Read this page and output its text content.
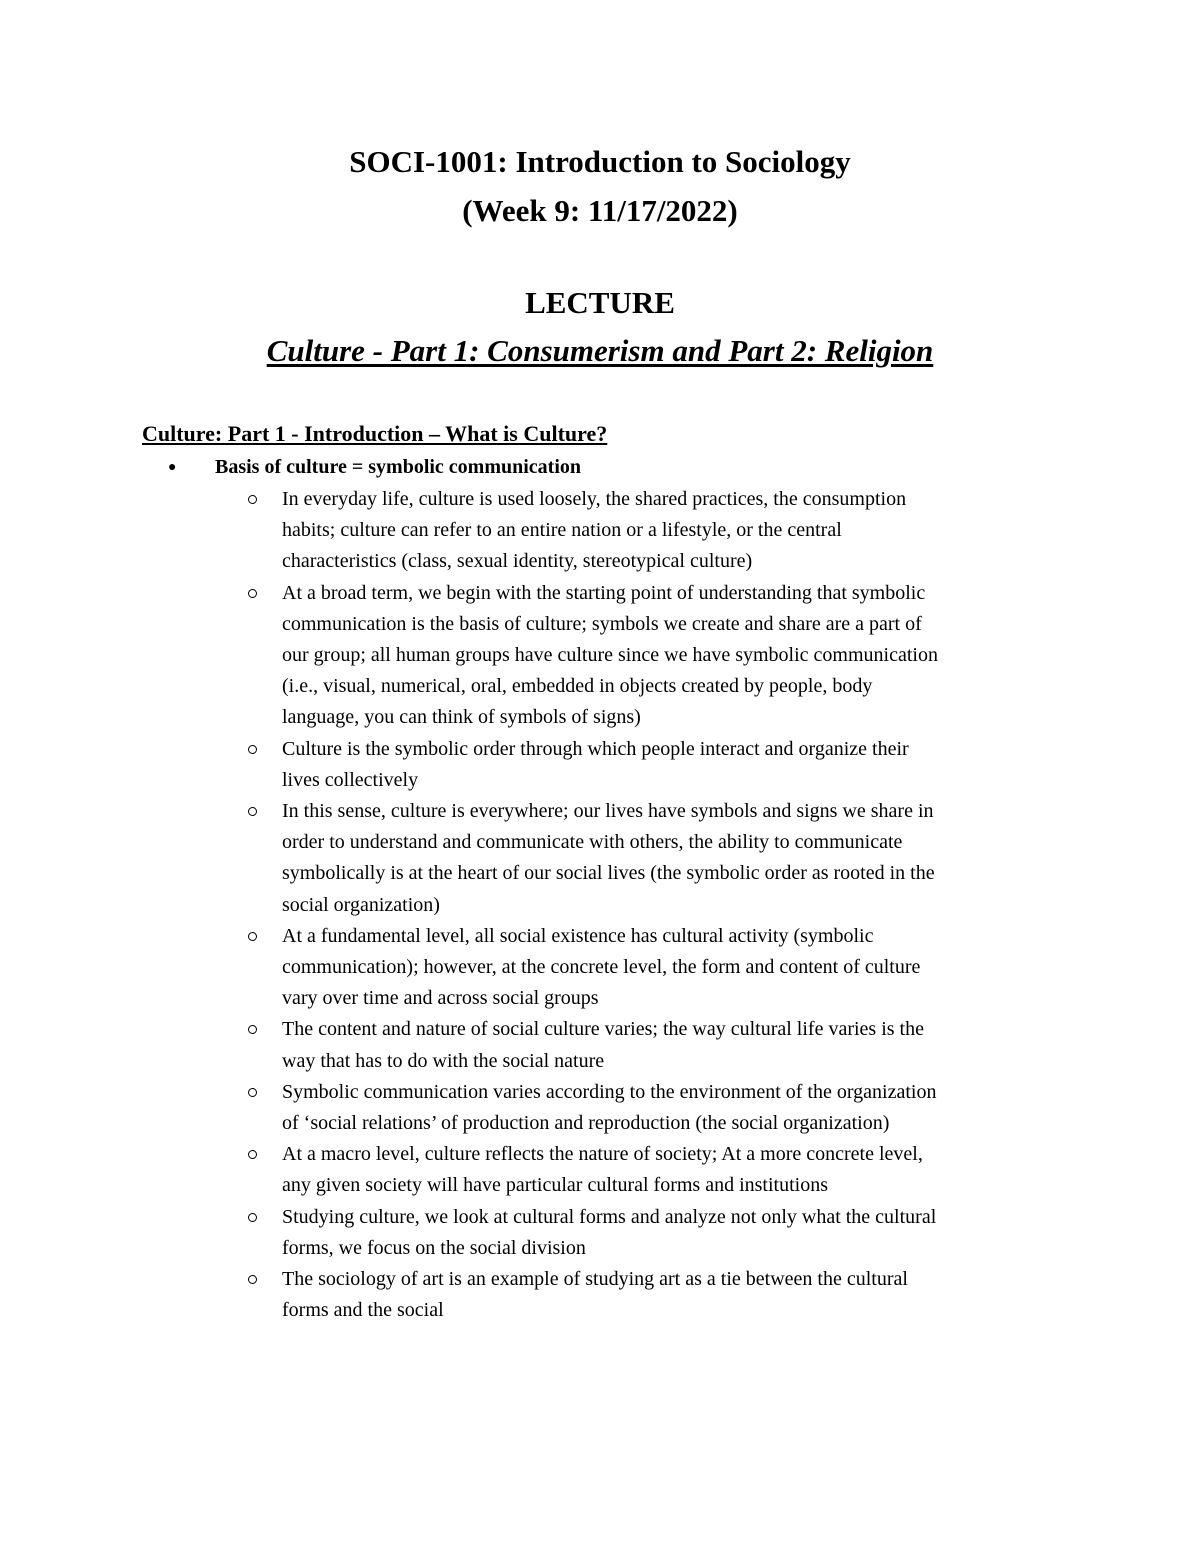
SOCI-1001: Introduction to Sociology
(Week 9: 11/17/2022)
LECTURE
Culture - Part 1: Consumerism and Part 2: Religion
Culture: Part 1 - Introduction – What is Culture?
● Basis of culture = symbolic communication
In everyday life, culture is used loosely, the shared practices, the consumption
habits; culture can refer to an entire nation or a lifestyle, or the central
characteristics (class, sexual identity, stereotypical culture)
At a broad term, we begin with the starting point of understanding that symbolic
communication is the basis of culture; symbols we create and share are a part of
our group; all human groups have culture since we have symbolic communication
(i.e., visual, numerical, oral, embedded in objects created by people, body
language, you can think of symbols of signs)
Culture is the symbolic order through which people interact and organize their
lives collectively
In this sense, culture is everywhere; our lives have symbols and signs we share in
order to understand and communicate with others, the ability to communicate
symbolically is at the heart of our social lives (the symbolic order as rooted in the
social organization)
At a fundamental level, all social existence has cultural activity (symbolic
communication); however, at the concrete level, the form and content of culture
vary over time and across social groups
The content and nature of social culture varies; the way cultural life varies is the
way that has to do with the social nature
Symbolic communication varies according to the environment of the organization
of ‘social relations’ of production and reproduction (the social organization)
At a macro level, culture reflects the nature of society; At a more concrete level,
any given society will have particular cultural forms and institutions
Studying culture, we look at cultural forms and analyze not only what the cultural
forms, we focus on the social division
The sociology of art is an example of studying art as a tie between the cultural
forms and the social
